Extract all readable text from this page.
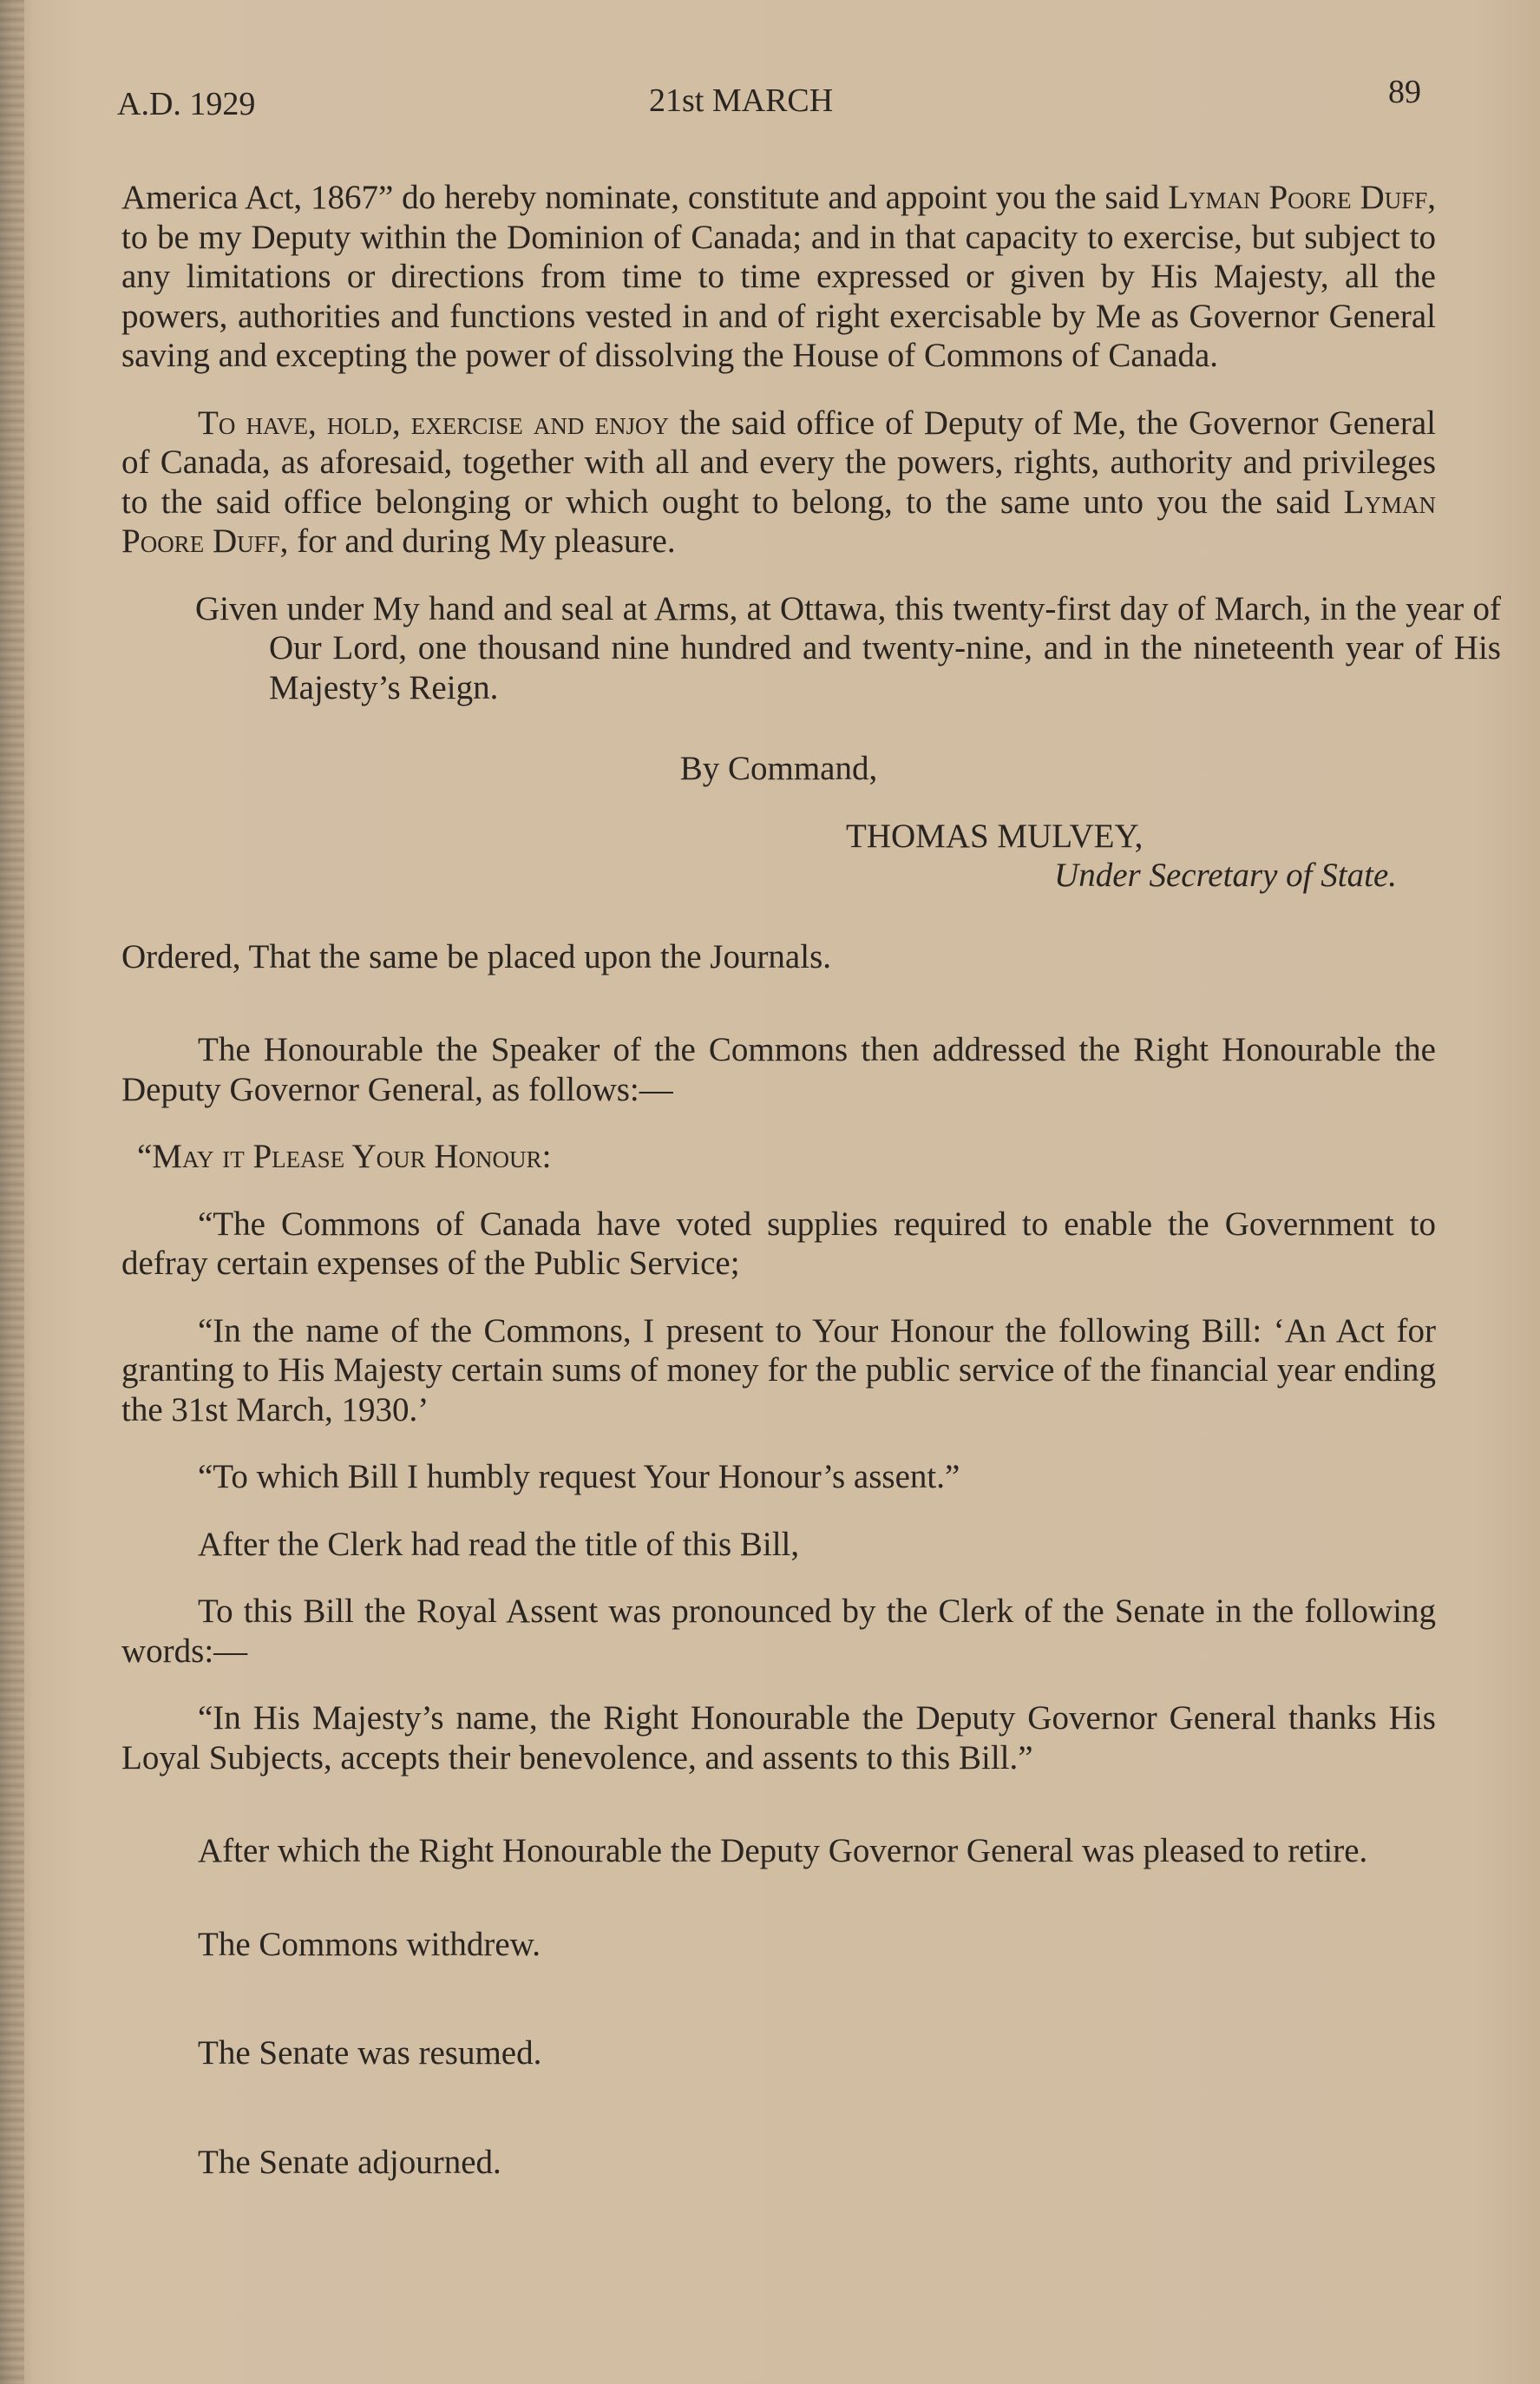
A.D. 1929	21st MARCH	89

America Act, 1867” do hereby nominate, constitute and appoint you the said Lyman Poore Duff, to be my Deputy within the Dominion of Canada; and in that capacity to exercise, but subject to any limitations or directions from time to time expressed or given by His Majesty, all the powers, authorities and functions vested in and of right exercisable by Me as Governor General saving and excepting the power of dissolving the House of Commons of Canada.

To have, hold, exercise and enjoy the said office of Deputy of Me, the Governor General of Canada, as aforesaid, together with all and every the powers, rights, authority and privileges to the said office belonging or which ought to belong, to the same unto you the said Lyman Poore Duff, for and during My pleasure.

Given under My hand and seal at Arms, at Ottawa, this twenty-first day of March, in the year of Our Lord, one thousand nine hundred and twenty-nine, and in the nineteenth year of His Majesty’s Reign.

By Command,

THOMAS MULVEY,

Under Secretary of State.

Ordered, That the same be placed upon the Journals.

The Honourable the Speaker of the Commons then addressed the Right Honourable the Deputy Governor General, as follows:—

“May it Please Your Honour:

“The Commons of Canada have voted supplies required to enable the Government to defray certain expenses of the Public Service;

“In the name of the Commons, I present to Your Honour the following Bill: ‘An Act for granting to His Majesty certain sums of money for the public service of the financial year ending the 31st March, 1930.’

“To which Bill I humbly request Your Honour’s assent.”

After the Clerk had read the title of this Bill,

To this Bill the Royal Assent was pronounced by the Clerk of the Senate in the following words:—

“In His Majesty’s name, the Right Honourable the Deputy Governor General thanks His Loyal Subjects, accepts their benevolence, and assents to this Bill.”

After which the Right Honourable the Deputy Governor General was pleased to retire.

The Commons withdrew.

The Senate was resumed.

The Senate adjourned.
